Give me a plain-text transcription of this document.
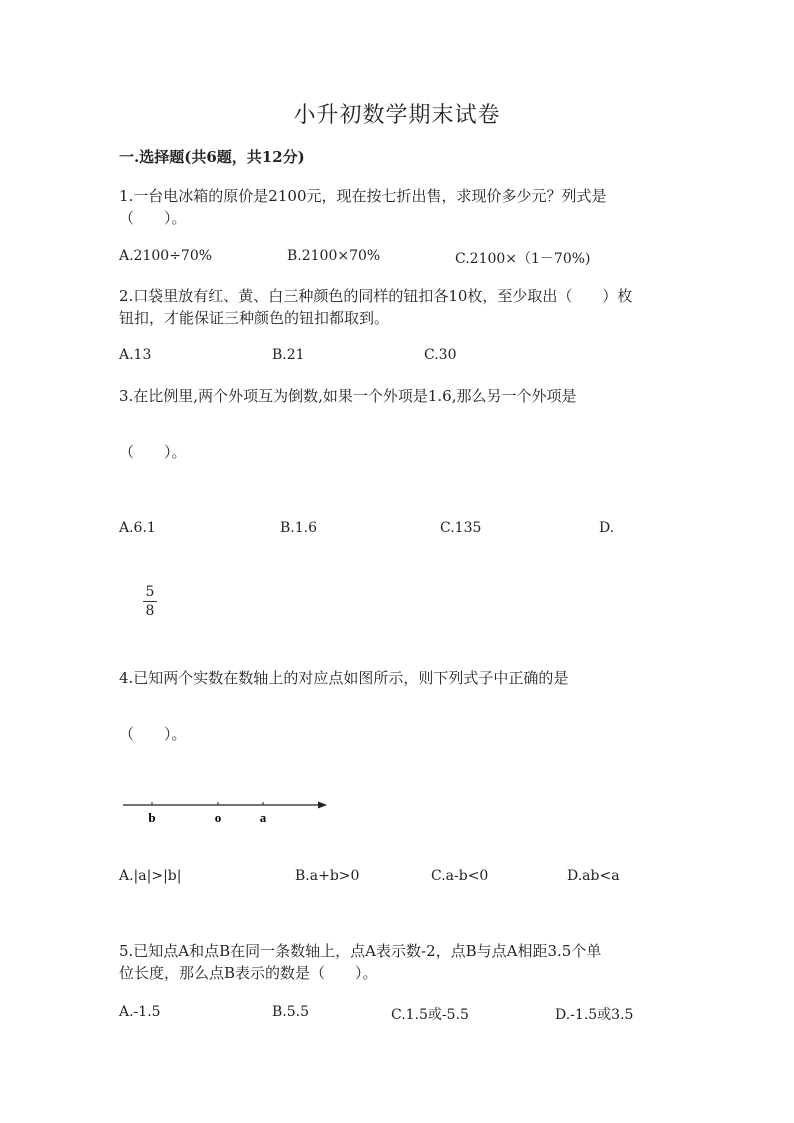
小升初数学期末试卷
一.选择题(共6题，共12分)
1.一台电冰箱的原价是2100元，现在按七折出售，求现价多少元？列式是
（　　）。
A.2100÷70%	B.2100×70%	C.2100×（1－70%)
2.口袋里放有红、黄、白三种颜色的同样的钮扣各10枚，至少取出（　　）枚
钮扣，才能保证三种颜色的钮扣都取到。
A.13	B.21	C.30
3.在比例里,两个外项互为倒数,如果一个外项是1.6,那么另一个外项是
（　　）。
A.6.1	B.1.6	C.135	D.
5
8
4.已知两个实数在数轴上的对应点如图所示，则下列式子中正确的是
（　　）。
b	o	a
A.|a|>|b|	B.a+b>0	C.a-b<0	D.ab<a
5.已知点A和点B在同一条数轴上，点A表示数-2，点B与点A相距3.5个单
位长度，那么点B表示的数是（　　）。
A.-1.5	B.5.5	C.1.5或-5.5	D.-1.5或3.5
